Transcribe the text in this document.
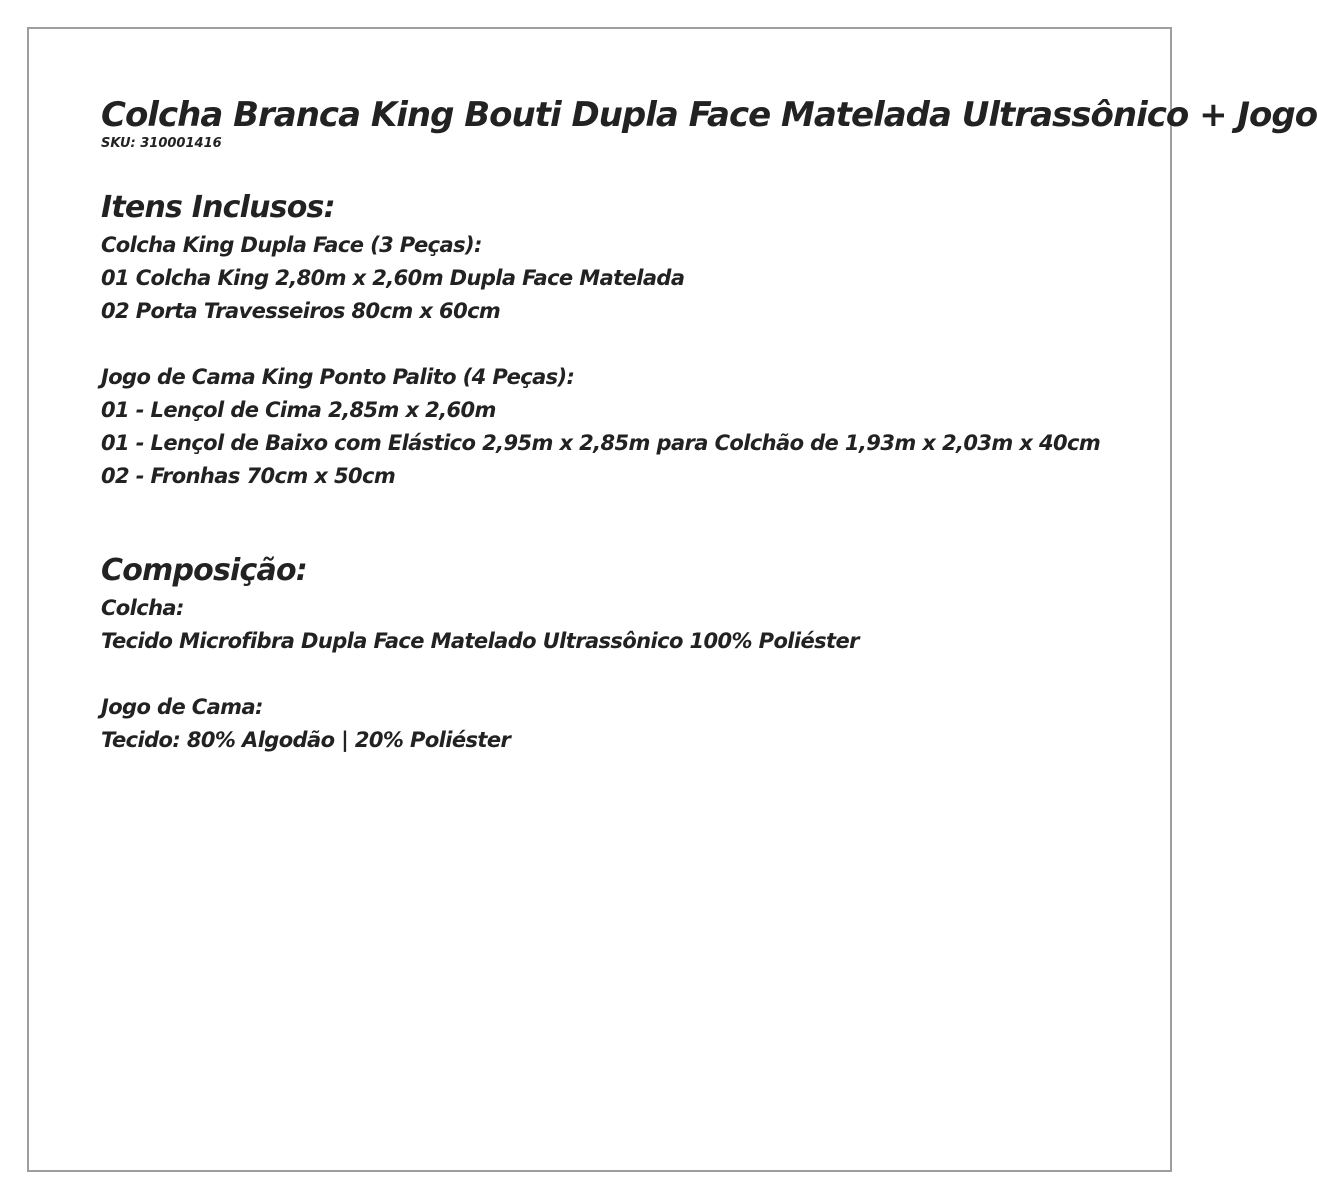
Colcha Branca King Bouti Dupla Face Matelada Ultrassônico + Jogo
SKU: 310001416
Itens Inclusos:
Colcha King Dupla Face (3 Peças):
01 Colcha King 2,80m x 2,60m Dupla Face Matelada
02 Porta Travesseiros 80cm x 60cm
Jogo de Cama King Ponto Palito (4 Peças):
01 - Lençol de Cima 2,85m x 2,60m
01 - Lençol de Baixo com Elástico 2,95m x 2,85m para Colchão de 1,93m x 2,03m x 40cm
02 - Fronhas 70cm x 50cm
Composição:
Colcha:
Tecido Microfibra Dupla Face Matelado Ultrassônico 100% Poliéster
Jogo de Cama:
Tecido: 80% Algodão | 20% Poliéster
